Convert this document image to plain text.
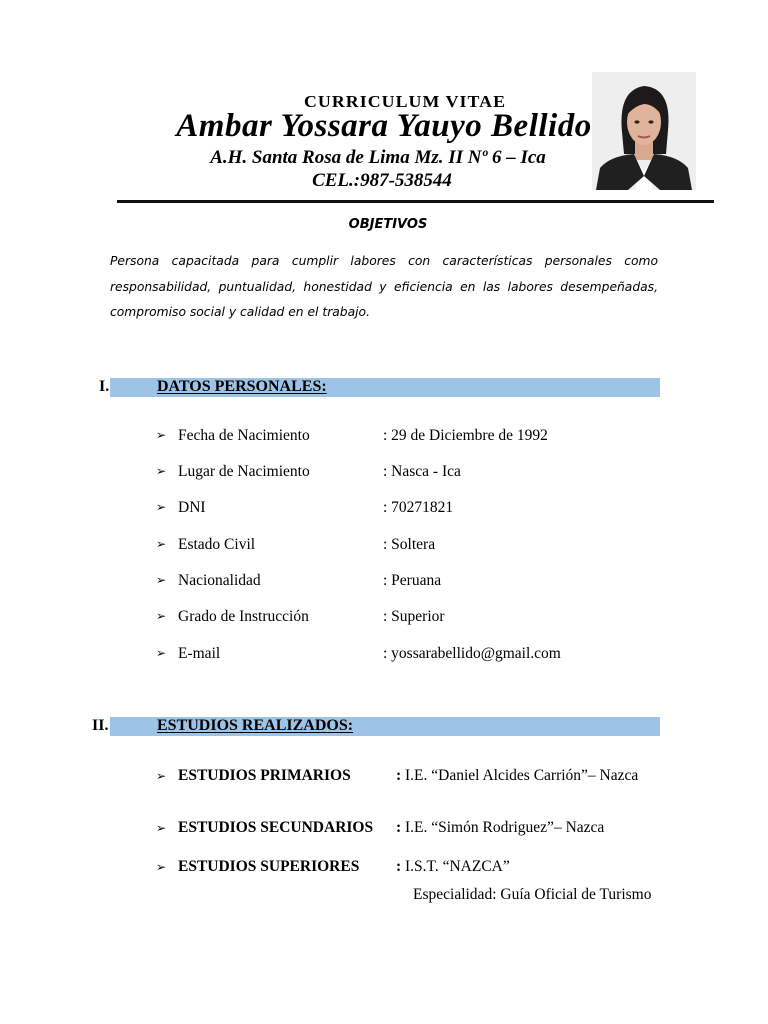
CURRICULUM VITAE
Ambar Yossara Yauyo Bellido
A.H. Santa Rosa de Lima Mz. II Nº 6 – Ica
CEL.:987-538544
OBJETIVOS
Persona capacitada para cumplir labores con características personales como responsabilidad, puntualidad, honestidad y eficiencia en las labores desempeñadas, compromiso social y calidad en el trabajo.
I.	DATOS PERSONALES:
➢ Fecha de Nacimiento	: 29 de Diciembre de 1992
➢ Lugar de Nacimiento	: Nasca - Ica
➢ DNI	: 70271821
➢ Estado Civil	: Soltera
➢ Nacionalidad	: Peruana
➢ Grado de Instrucción	: Superior
➢ E-mail	: yossarabellido@gmail.com
II.	ESTUDIOS REALIZADOS:
➢ ESTUDIOS PRIMARIOS	: I.E. “Daniel Alcides Carrión”– Nazca
➢ ESTUDIOS SECUNDARIOS : I.E. “Simón Rodriguez”– Nazca
➢ ESTUDIOS SUPERIORES : I.S.T. “NAZCA”
Especialidad: Guía Oficial de Turismo
